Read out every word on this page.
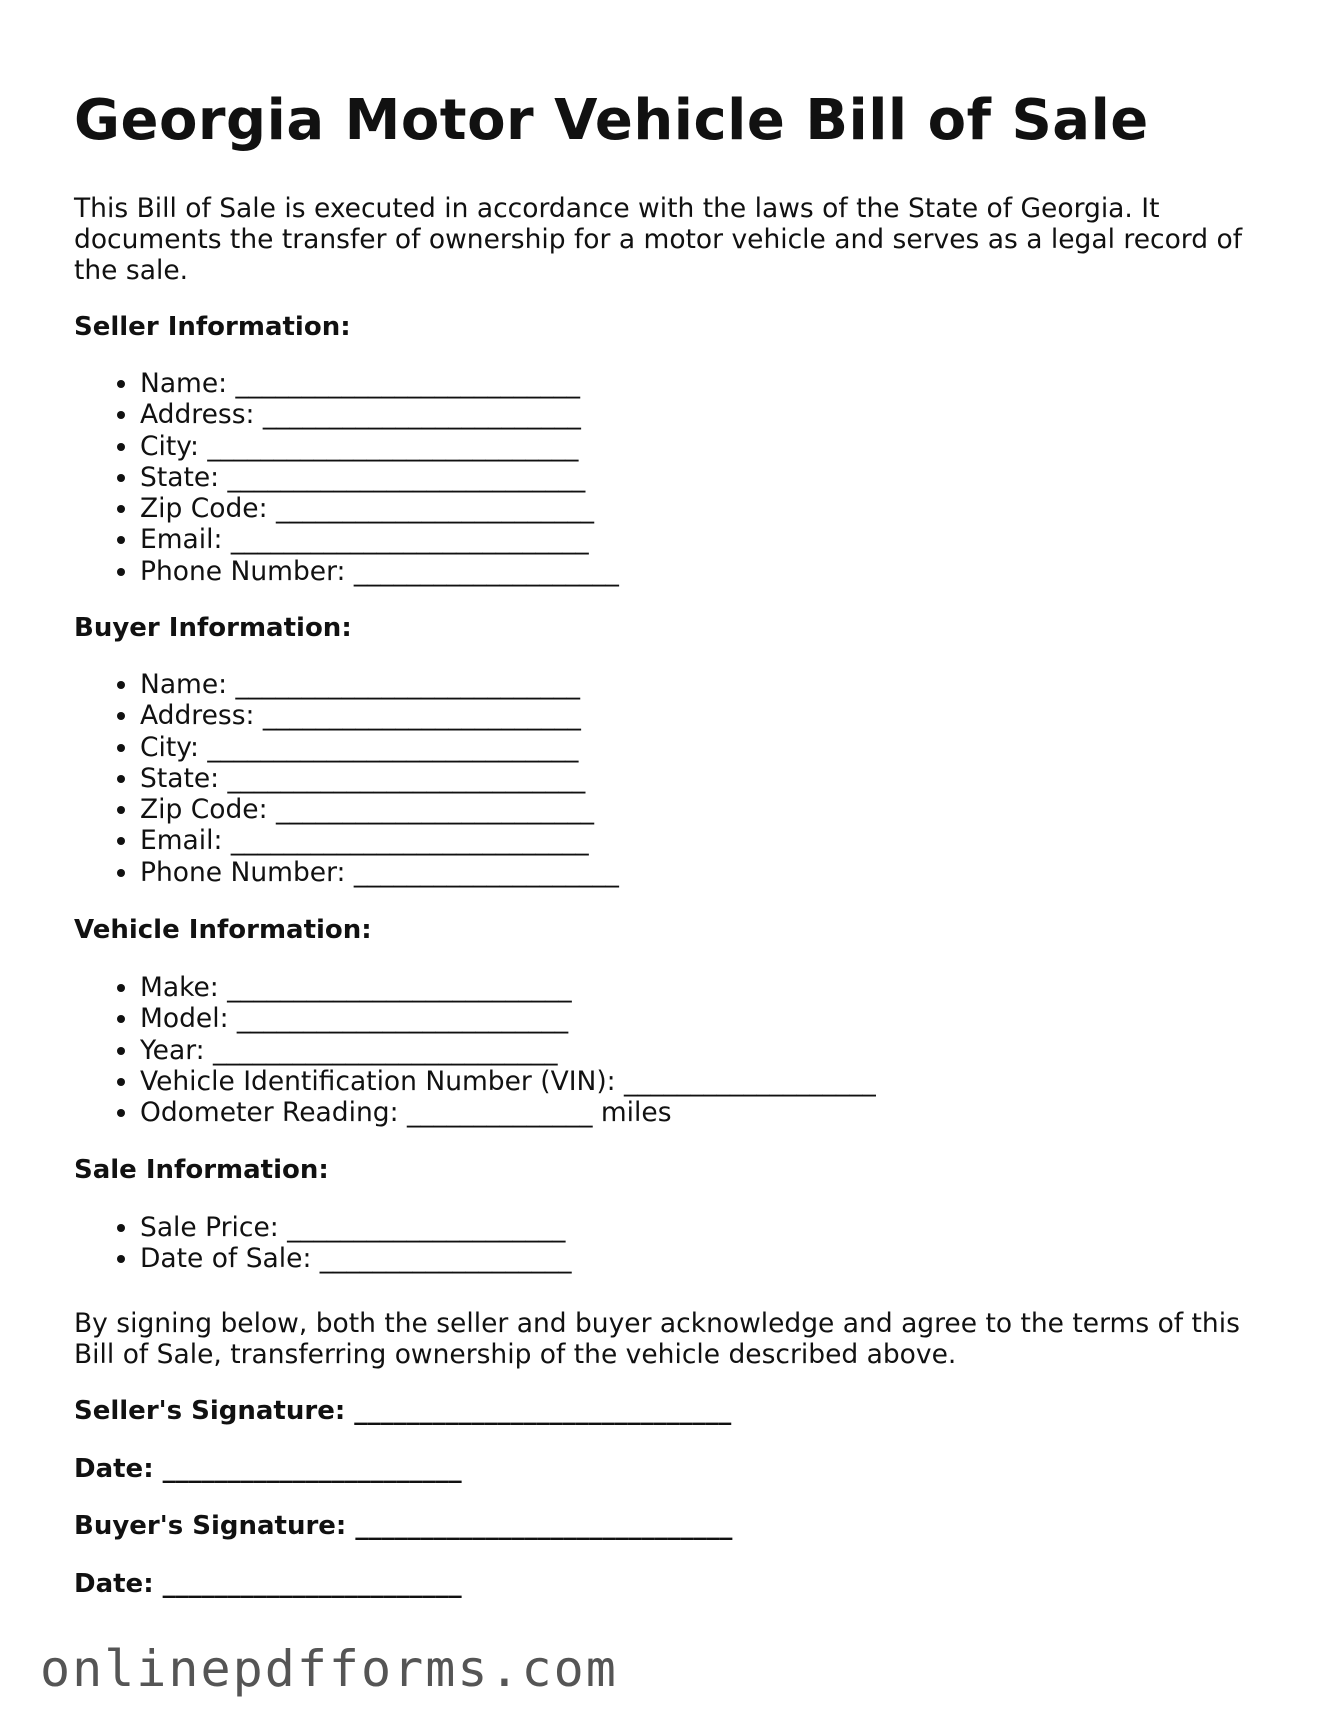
Georgia Motor Vehicle Bill of Sale

This Bill of Sale is executed in accordance with the laws of the State of Georgia. It documents the transfer of ownership for a motor vehicle and serves as a legal record of the sale.

Seller Information:

• Name: __________________________
• Address: ________________________
• City: ____________________________
• State: ___________________________
• Zip Code: ________________________
• Email: ___________________________
• Phone Number: ____________________

Buyer Information:

• Name: __________________________
• Address: ________________________
• City: ____________________________
• State: ___________________________
• Zip Code: ________________________
• Email: ___________________________
• Phone Number: ____________________

Vehicle Information:

• Make: __________________________
• Model: _________________________
• Year: __________________________
• Vehicle Identification Number (VIN): ___________________
• Odometer Reading: ______________ miles

Sale Information:

• Sale Price: _____________________
• Date of Sale: ___________________

By signing below, both the seller and buyer acknowledge and agree to the terms of this Bill of Sale, transferring ownership of the vehicle described above.

Seller's Signature: _____________________________

Date: _______________________

Buyer's Signature: _____________________________

Date: _______________________

onlinepdfforms.com
